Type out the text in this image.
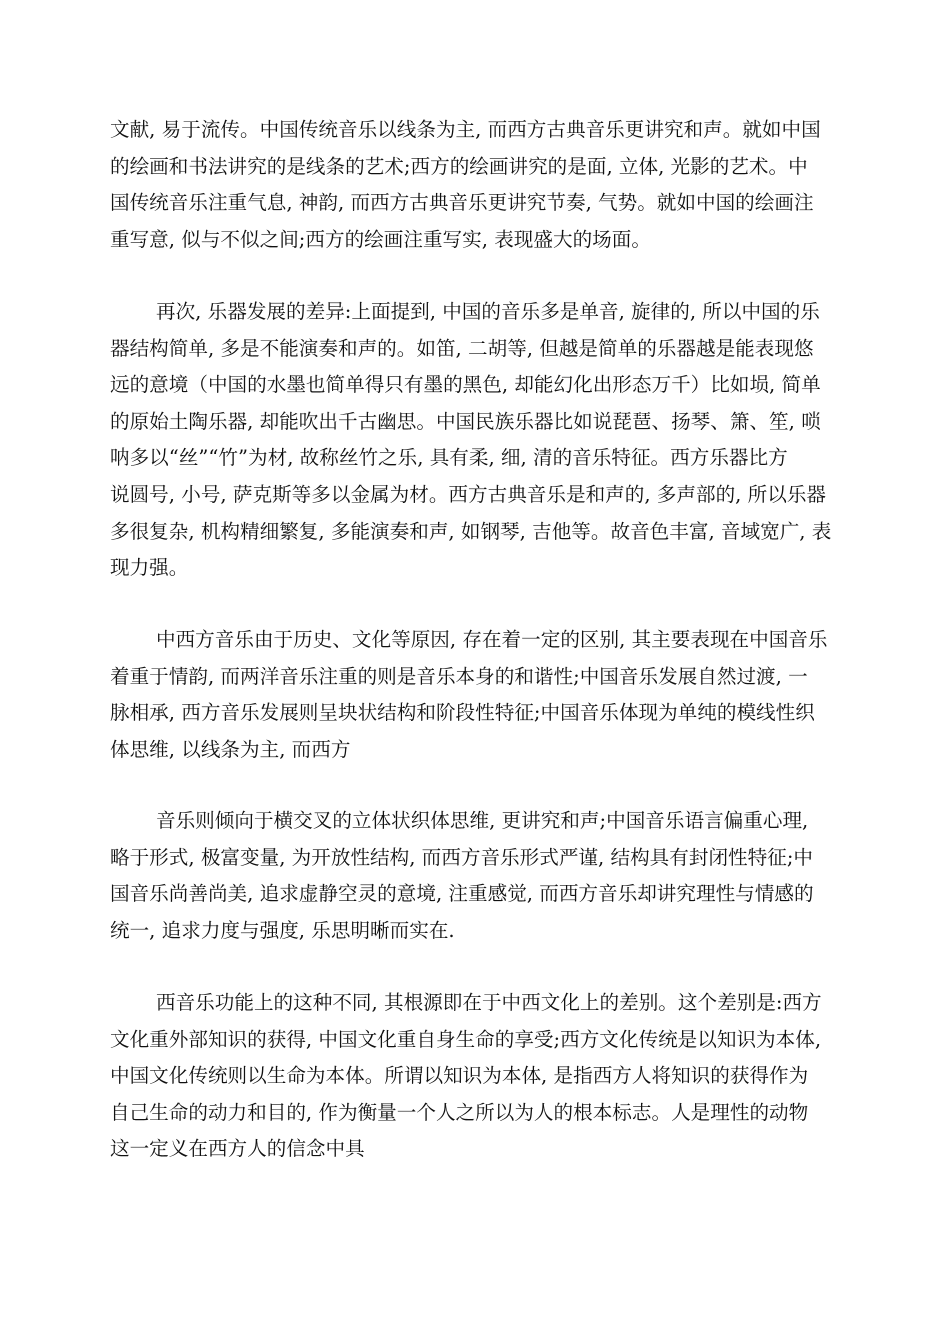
文献, 易于流传。中国传统音乐以线条为主, 而西方古典音乐更讲究和声。就如中国
的绘画和书法讲究的是线条的艺术;西方的绘画讲究的是面, 立体, 光影的艺术。中
国传统音乐注重气息, 神韵, 而西方古典音乐更讲究节奏, 气势。就如中国的绘画注
重写意, 似与不似之间;西方的绘画注重写实, 表现盛大的场面。

再次, 乐器发展的差异:上面提到, 中国的音乐多是单音, 旋律的, 所以中国的乐
器结构简单, 多是不能演奏和声的。如笛, 二胡等, 但越是简单的乐器越是能表现悠
远的意境（中国的水墨也简单得只有墨的黑色, 却能幻化出形态万千）比如埙, 简单
的原始土陶乐器, 却能吹出千古幽思。中国民族乐器比如说琵琶、扬琴、箫、笙, 唢
呐多以“丝”“竹”为材, 故称丝竹之乐, 具有柔, 细, 清的音乐特征。西方乐器比方
说圆号, 小号, 萨克斯等多以金属为材。西方古典音乐是和声的, 多声部的, 所以乐器
多很复杂, 机构精细繁复, 多能演奏和声, 如钢琴, 吉他等。故音色丰富, 音域宽广, 表
现力强。

中西方音乐由于历史、文化等原因, 存在着一定的区别, 其主要表现在中国音乐
着重于情韵, 而两洋音乐注重的则是音乐本身的和谐性;中国音乐发展自然过渡, 一
脉相承, 西方音乐发展则呈块状结构和阶段性特征;中国音乐体现为单纯的模线性织
体思维, 以线条为主, 而西方

音乐则倾向于横交叉的立体状织体思维, 更讲究和声;中国音乐语言偏重心理,
略于形式, 极富变量, 为开放性结构, 而西方音乐形式严谨, 结构具有封闭性特征;中
国音乐尚善尚美, 追求虚静空灵的意境, 注重感觉, 而西方音乐却讲究理性与情感的
统一, 追求力度与强度, 乐思明晰而实在.

西音乐功能上的这种不同, 其根源即在于中西文化上的差别。这个差别是:西方
文化重外部知识的获得, 中国文化重自身生命的享受;西方文化传统是以知识为本体,
中国文化传统则以生命为本体。所谓以知识为本体, 是指西方人将知识的获得作为
自己生命的动力和目的, 作为衡量一个人之所以为人的根本标志。人是理性的动物
这一定义在西方人的信念中具
